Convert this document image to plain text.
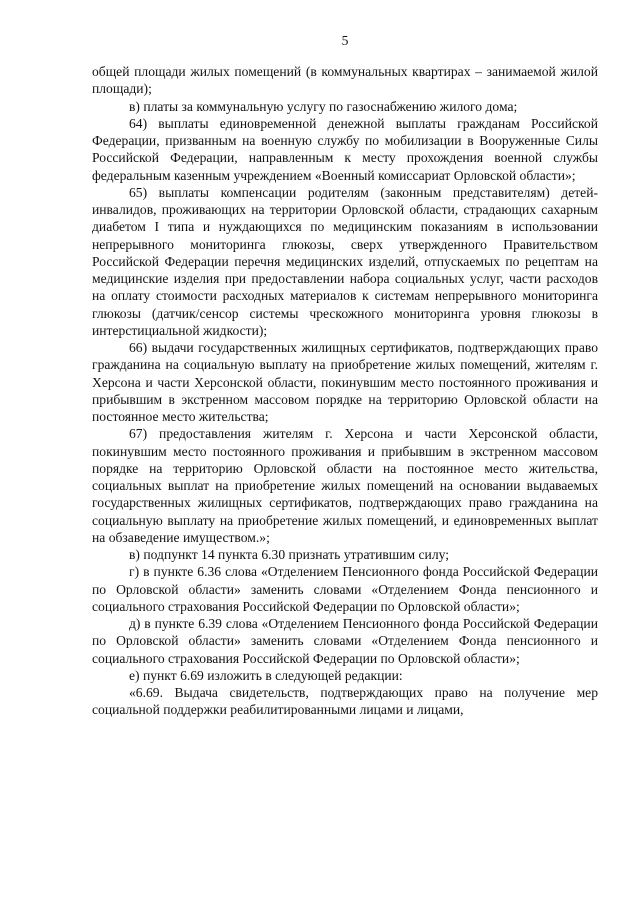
5

общей площади жилых помещений (в коммунальных квартирах – занимаемой жилой площади);

в) платы за коммунальную услугу по газоснабжению жилого дома;

64) выплаты единовременной денежной выплаты гражданам Российской Федерации, призванным на военную службу по мобилизации в Вооруженные Силы Российской Федерации, направленным к месту прохождения военной службы федеральным казенным учреждением «Военный комиссариат Орловской области»;

65) выплаты компенсации родителям (законным представителям) детей-инвалидов, проживающих на территории Орловской области, страдающих сахарным диабетом I типа и нуждающихся по медицинским показаниям в использовании непрерывного мониторинга глюкозы, сверх утвержденного Правительством Российской Федерации перечня медицинских изделий, отпускаемых по рецептам на медицинские изделия при предоставлении набора социальных услуг, части расходов на оплату стоимости расходных материалов к системам непрерывного мониторинга глюкозы (датчик/сенсор системы чрескожного мониторинга уровня глюкозы в интерстициальной жидкости);

66) выдачи государственных жилищных сертификатов, подтверждающих право гражданина на социальную выплату на приобретение жилых помещений, жителям г. Херсона и части Херсонской области, покинувшим место постоянного проживания и прибывшим в экстренном массовом порядке на территорию Орловской области на постоянное место жительства;

67) предоставления жителям г. Херсона и части Херсонской области, покинувшим место постоянного проживания и прибывшим в экстренном массовом порядке на территорию Орловской области на постоянное место жительства, социальных выплат на приобретение жилых помещений на основании выдаваемых государственных жилищных сертификатов, подтверждающих право гражданина на социальную выплату на приобретение жилых помещений, и единовременных выплат на обзаведение имуществом.»;

в) подпункт 14 пункта 6.30 признать утратившим силу;

г) в пункте 6.36 слова «Отделением Пенсионного фонда Российской Федерации по Орловской области» заменить словами «Отделением Фонда пенсионного и социального страхования Российской Федерации по Орловской области»;

д) в пункте 6.39 слова «Отделением Пенсионного фонда Российской Федерации по Орловской области» заменить словами «Отделением Фонда пенсионного и социального страхования Российской Федерации по Орловской области»;

е) пункт 6.69 изложить в следующей редакции:

«6.69. Выдача свидетельств, подтверждающих право на получение мер социальной поддержки реабилитированными лицами и лицами,
